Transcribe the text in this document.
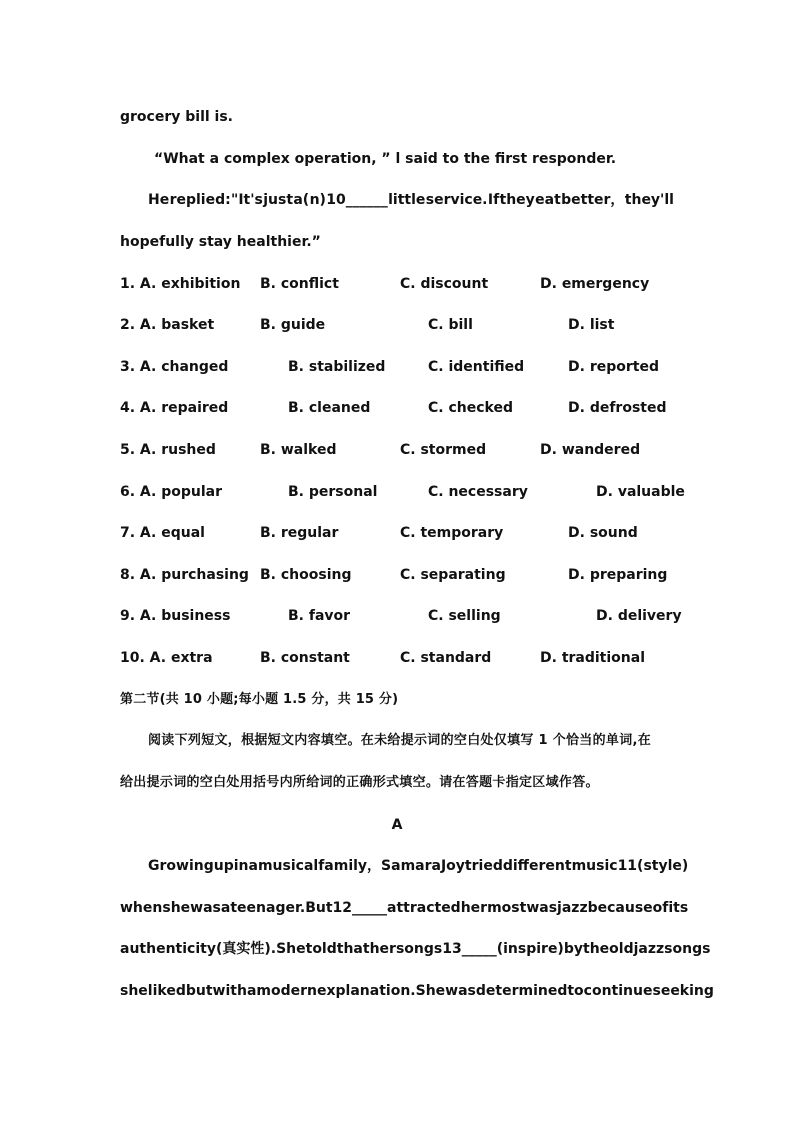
grocery bill is.
“What a complex operation, ” l said to the first responder.
He replied: "It's just a( n) 10______ little service. If they eat better， they'll
hopefully stay healthier.”
1. A. exhibition B. conflict	C. discount	D. emergency
2. A. basket	B. guide	C. bill	D. list
3. A. changed	B. stabilized	C. identified	D. reported
4. A. repaired	B. cleaned	C. checked	D. defrosted
5. A. rushed	B. walked	C. stormed	D. wandered
6. A. popular	B. personal	C. necessary	D. valuable
7. A. equal	B. regular	C. temporary	D. sound
8. A. purchasing B. choosing	C. separating	D. preparing
9. A. business	B. favor	C. selling	D. delivery
10. A. extra	B. constant	C. standard	D. traditional
第二节(共 10 小题;每小题 1.5 分，共 15 分)
阅读下列短文，根据短文内容填空。在未给提示词的空白处仅填写 1 个恰当的单词,在
给出提示词的空白处用括号内所给词的正确形式填空。请在答题卡指定区域作答。
A
Growing up in a musical family， Samara Joy tried different music 11( style)
when she was a teenager. But 12_____ attracted her most was jazz because of its
authenticity (真实性). She told that her songs 13_____(inspire) by the old jazz songs
she liked but with a modern explanation. She was determined to continue seeking
